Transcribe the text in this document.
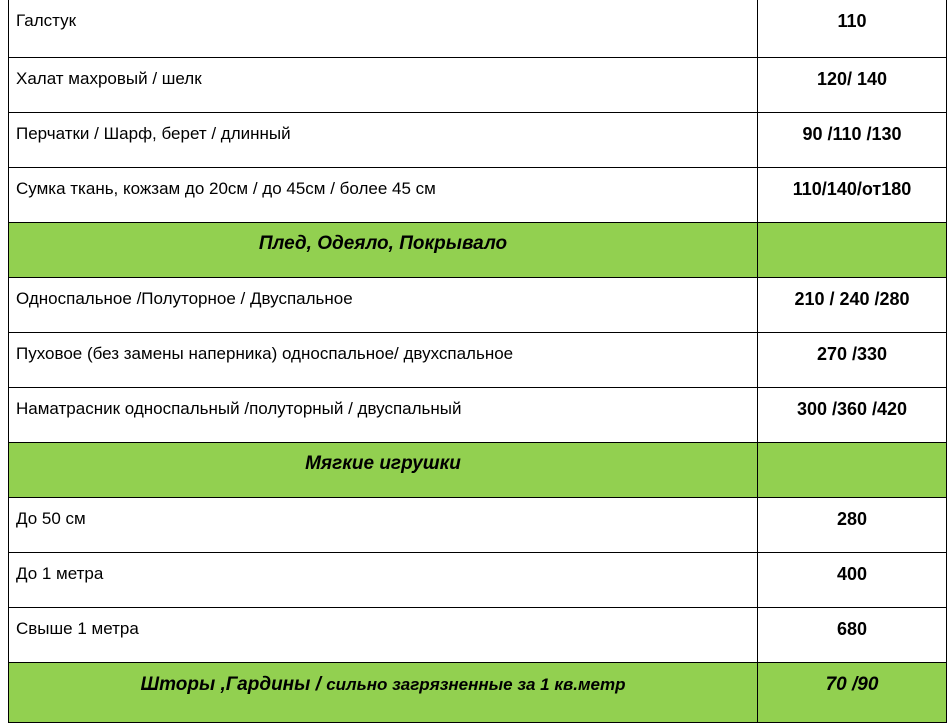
Галстук	110
Халат махровый / шелк	120/ 140
Перчатки / Шарф, берет / длинный	90 /110 /130
Сумка ткань, кожзам до 20см / до 45см / более 45 см	110/140/от180
Плед, Одеяло, Покрывало
Односпальное /Полуторное / Двуспальное	210 / 240 /280
Пуховое (без замены наперника) односпальное/ двухспальное	270 /330
Наматрасник односпальный /полуторный / двуспальный	300 /360 /420
Мягкие игрушки
До 50 см	280
До 1 метра	400
Свыше 1 метра	680
Шторы ,Гардины / сильно загрязненные за 1 кв.метр	70 /90
